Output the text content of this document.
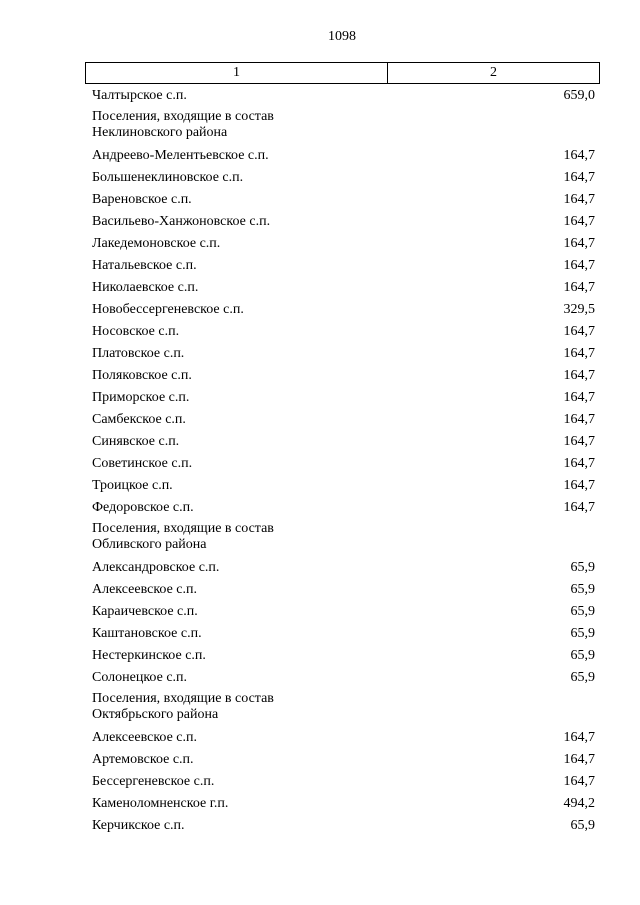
1098
1	2
Чалтырское с.п.	659,0
Поселения, входящие в состав
Неклиновского района
Андреево-Мелентьевское с.п.	164,7
Большенеклиновское с.п.	164,7
Вареновское с.п.	164,7
Васильево-Ханжоновское с.п.	164,7
Лакедемоновское с.п.	164,7
Натальевское с.п.	164,7
Николаевское с.п.	164,7
Новобессергеневское с.п.	329,5
Носовское с.п.	164,7
Платовское с.п.	164,7
Поляковское с.п.	164,7
Приморское с.п.	164,7
Самбекское с.п.	164,7
Синявское с.п.	164,7
Советинское с.п.	164,7
Троицкое с.п.	164,7
Федоровское с.п.	164,7
Поселения, входящие в состав
Обливского района
Александровское с.п.	65,9
Алексеевское с.п.	65,9
Караичевское с.п.	65,9
Каштановское с.п.	65,9
Нестеркинское с.п.	65,9
Солонецкое с.п.	65,9
Поселения, входящие в состав
Октябрьского района
Алексеевское с.п.	164,7
Артемовское с.п.	164,7
Бессергеневское с.п.	164,7
Каменоломненское г.п.	494,2
Керчикское с.п.	65,9
